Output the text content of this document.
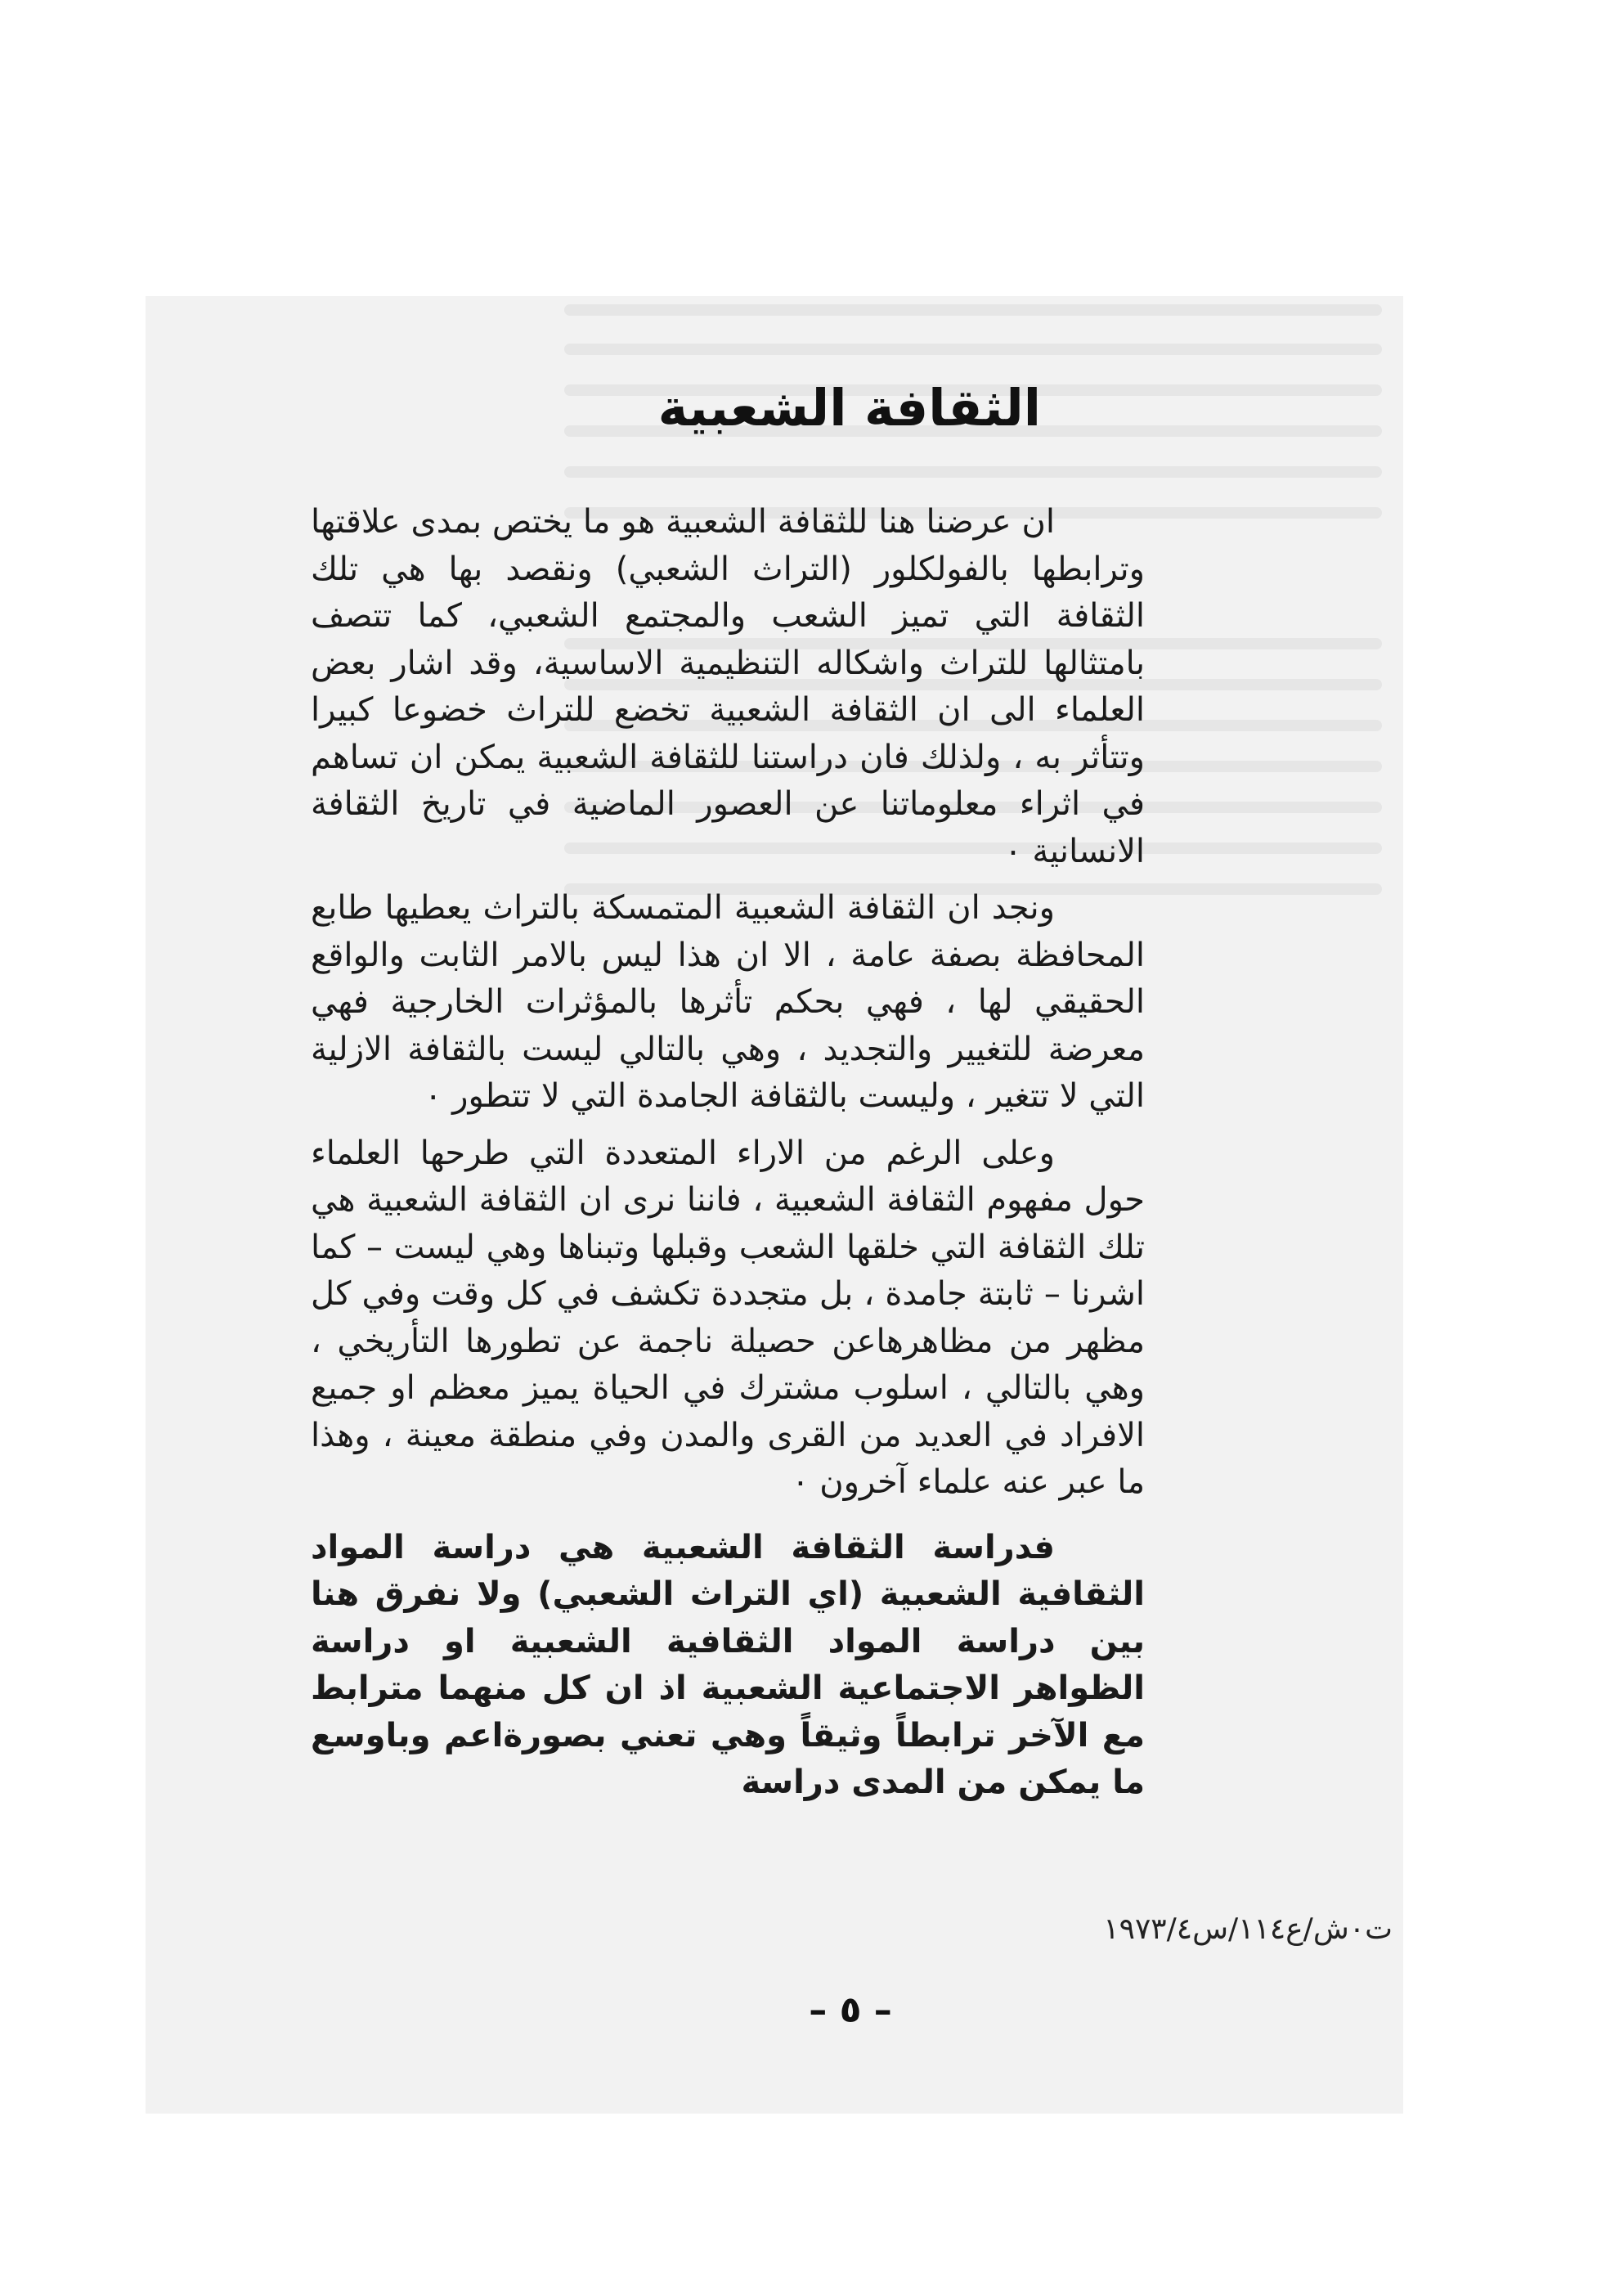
الثقافة الشعبية

ان عرضنا هنا للثقافة الشعبية هو ما يختص بمدى علاقتها وترابطها بالفولكلور (التراث الشعبي) ونقصد بها هي تلك الثقافة التي تميز الشعب والمجتمع الشعبي، كما تتصف بامتثالها للتراث واشكاله التنظيمية الاساسية، وقد اشار بعض العلماء الى ان الثقافة الشعبية تخضع للتراث خضوعا كبيرا وتتأثر به ، ولذلك فان دراستنا للثقافة الشعبية يمكن ان تساهم في اثراء معلوماتنا عن العصور الماضية في تاريخ الثقافة الانسانية ٠

ونجد ان الثقافة الشعبية المتمسكة بالتراث يعطيها طابع المحافظة بصفة عامة ، الا ان هذا ليس بالامر الثابت والواقع الحقيقي لها ، فهي بحكم تأثرها بالمؤثرات الخارجية فهي معرضة للتغيير والتجديد ، وهي بالتالي ليست بالثقافة الازلية التي لا تتغير ، وليست بالثقافة الجامدة التي لا تتطور ٠

وعلى الرغم من الاراء المتعددة التي طرحها العلماء حول مفهوم الثقافة الشعبية ، فاننا نرى ان الثقافة الشعبية هي تلك الثقافة التي خلقها الشعب وقبلها وتبناها وهي ليست – كما اشرنا – ثابتة جامدة ، بل متجددة تكشف في كل وقت وفي كل مظهر من مظاهرهاعن حصيلة ناجمة عن تطورها التأريخي ، وهي بالتالي ، اسلوب مشترك في الحياة يميز معظم او جميع الافراد في العديد من القرى والمدن وفي منطقة معينة ، وهذا ما عبر عنه علماء آخرون ٠

فدراسة الثقافة الشعبية هي دراسة المواد الثقافية الشعبية (اي التراث الشعبي) ولا نفرق هنا بين دراسة المواد الثقافية الشعبية او دراسة الظواهر الاجتماعية الشعبية اذ ان كل منهما مترابط مع الآخر ترابطاً وثيقاً وهي تعني بصورةاعم وباوسع ما يمكن من المدى دراسة

ت٠ش/ع١١٤/س١٩٧٣/٤
– ٥ –
